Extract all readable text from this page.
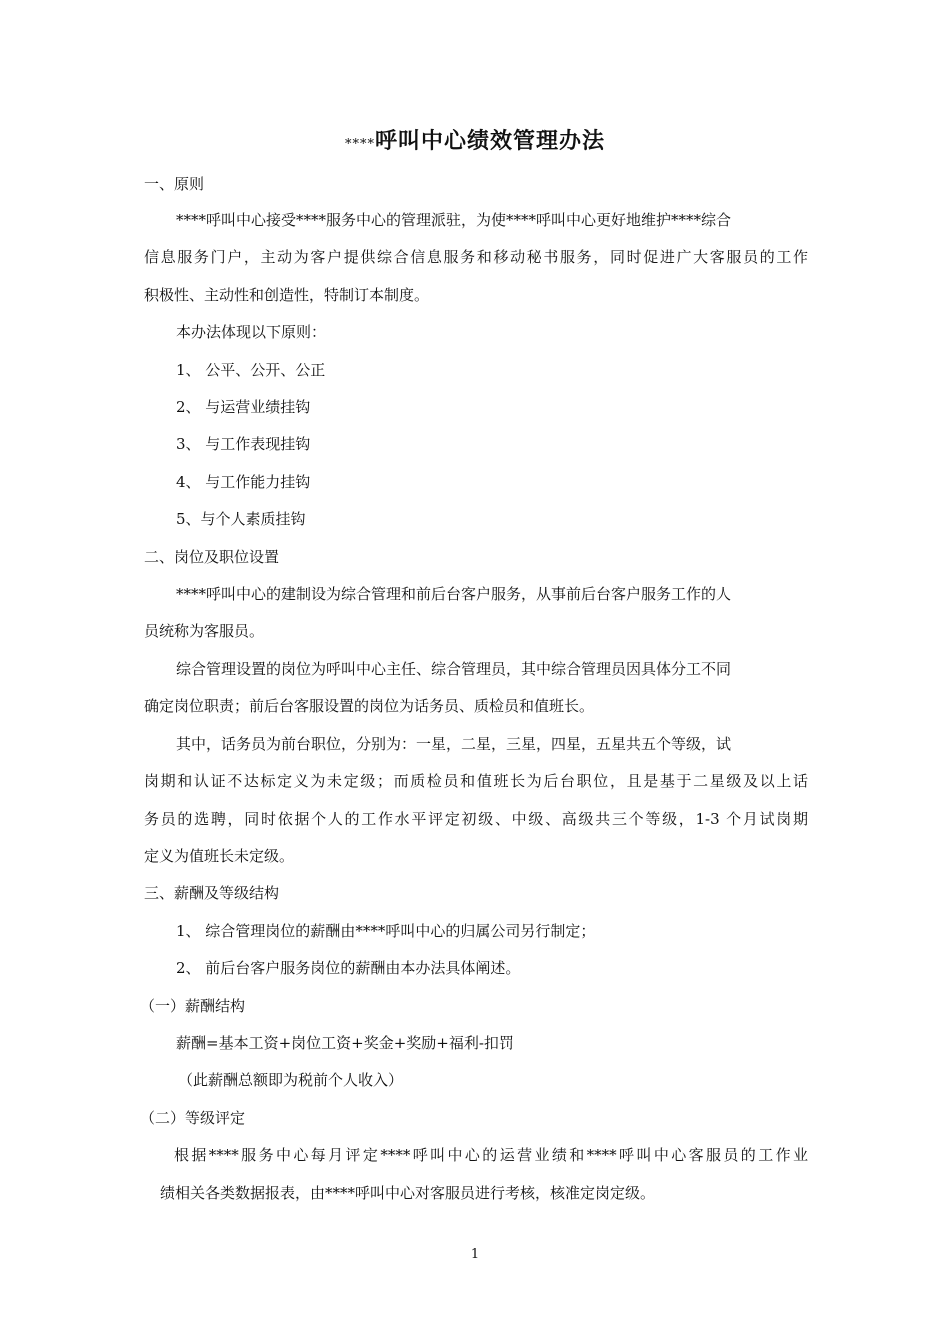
****呼叫中心绩效管理办法
一、原则
****呼叫中心接受****服务中心的管理派驻，为使****呼叫中心更好地维护****综合
信息服务门户，主动为客户提供综合信息服务和移动秘书服务，同时促进广大客服员的工作
积极性、主动性和创造性，特制订本制度。
本办法体现以下原则：
1、 公平、公开、公正
2、 与运营业绩挂钩
3、 与工作表现挂钩
4、 与工作能力挂钩
5、与个人素质挂钩
二、岗位及职位设置
****呼叫中心的建制设为综合管理和前后台客户服务，从事前后台客户服务工作的人
员统称为客服员。
综合管理设置的岗位为呼叫中心主任、综合管理员，其中综合管理员因具体分工不同
确定岗位职责；前后台客服设置的岗位为话务员、质检员和值班长。
其中，话务员为前台职位，分别为：一星，二星，三星，四星，五星共五个等级，试
岗期和认证不达标定义为未定级；而质检员和值班长为后台职位，且是基于二星级及以上话
务员的选聘，同时依据个人的工作水平评定初级、中级、高级共三个等级，1-3 个月试岗期
定义为值班长未定级。
三、薪酬及等级结构
1、 综合管理岗位的薪酬由****呼叫中心的归属公司另行制定；
2、 前后台客户服务岗位的薪酬由本办法具体阐述。
（一）薪酬结构
薪酬=基本工资+岗位工资+奖金+奖励+福利-扣罚
（此薪酬总额即为税前个人收入）
（二）等级评定
根据****服务中心每月评定****呼叫中心的运营业绩和****呼叫中心客服员的工作业
绩相关各类数据报表，由****呼叫中心对客服员进行考核，核准定岗定级。
1
